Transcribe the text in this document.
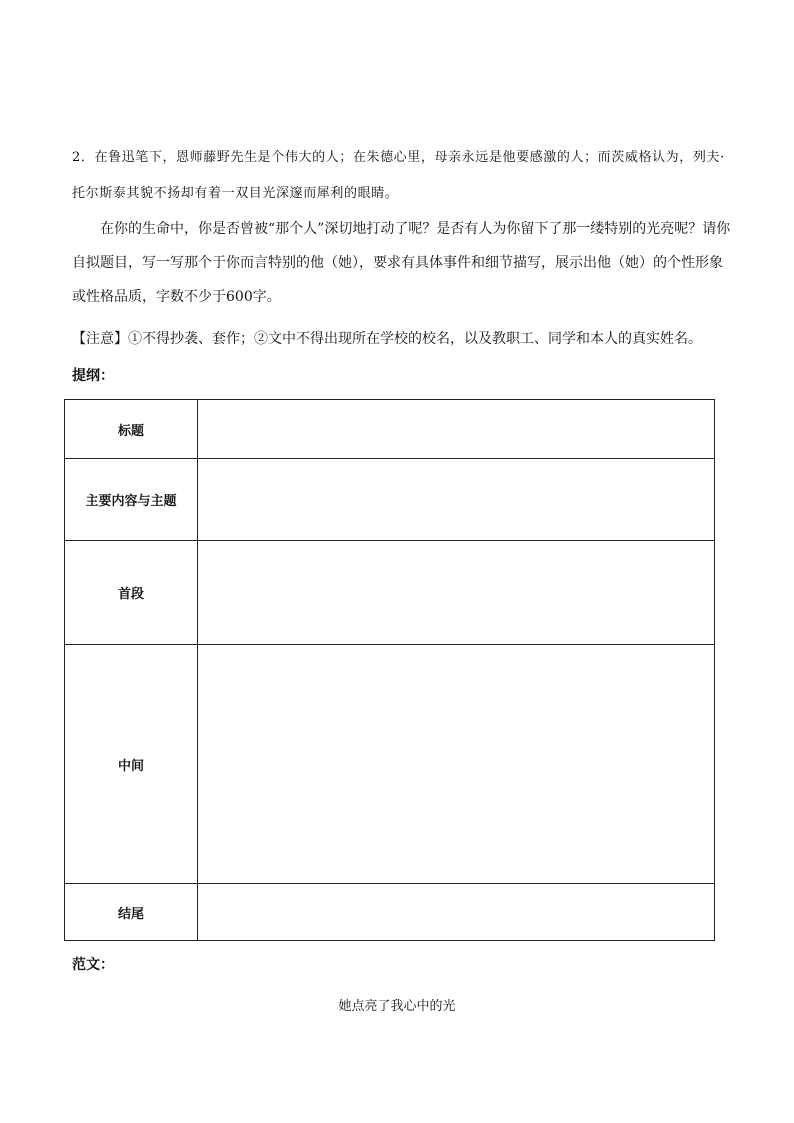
2．在鲁迅笔下，恩师藤野先生是个伟大的人；在朱德心里，母亲永远是他要感激的人；而茨威格认为，列夫·托尔斯泰其貌不扬却有着一双目光深邃而犀利的眼睛。

在你的生命中，你是否曾被“那个人”深切地打动了呢？是否有人为你留下了那一缕特别的光亮呢？请你自拟题目，写一写那个于你而言特别的他（她），要求有具体事件和细节描写，展示出他（她）的个性形象或性格品质，字数不少于600字。

【注意】①不得抄袭、套作；②文中不得出现所在学校的校名，以及教职工、同学和本人的真实姓名。

提纲：
标题	
主要内容与主题	
首段	
中间	
结尾	
范文：
她点亮了我心中的光
